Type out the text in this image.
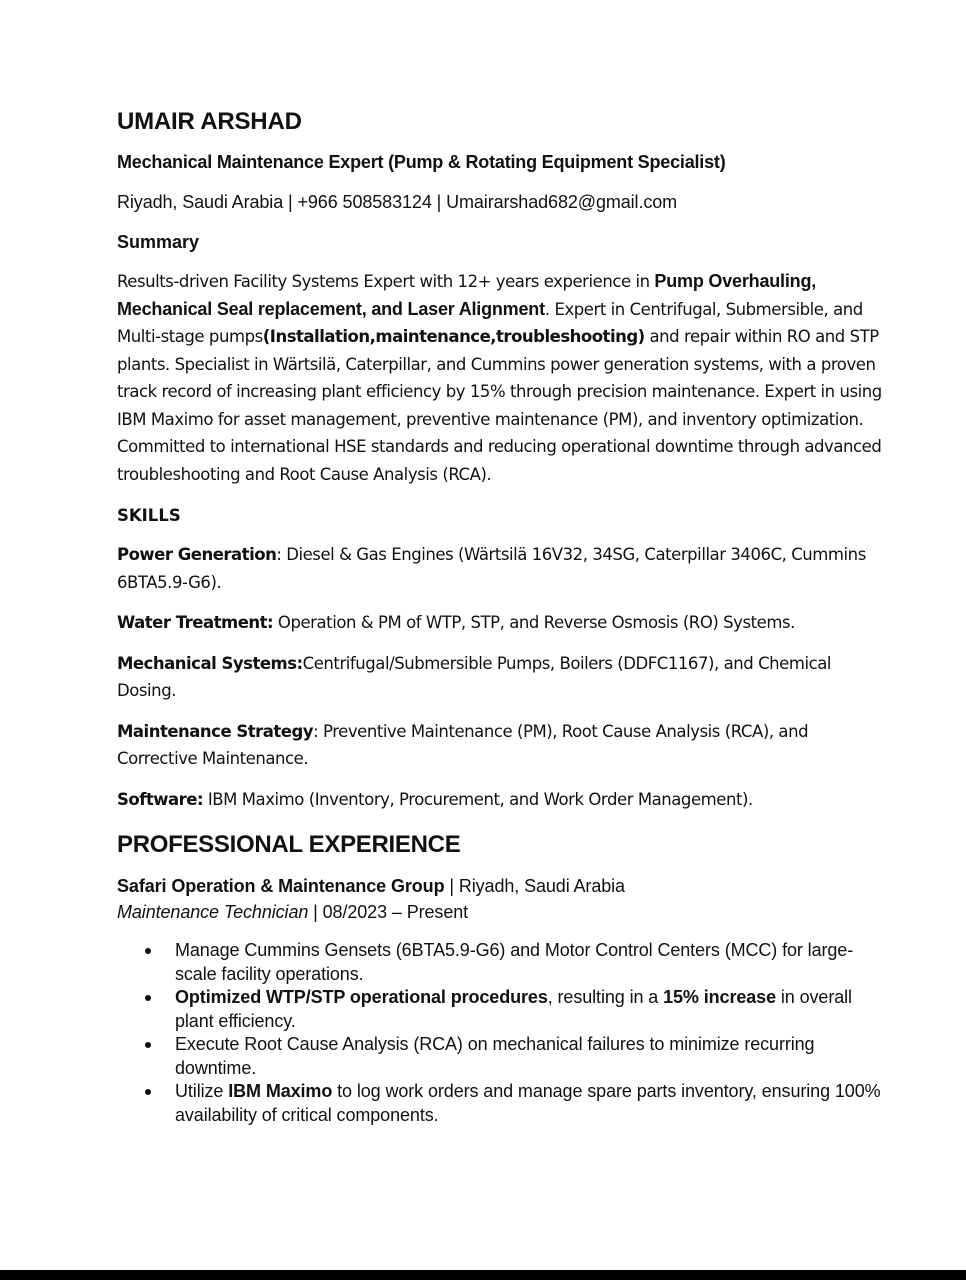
UMAIR ARSHAD
Mechanical Maintenance Expert (Pump & Rotating Equipment Specialist)
Riyadh, Saudi Arabia | +966 508583124 | Umairarshad682@gmail.com
Summary

Results-driven Facility Systems Expert with 12+ years experience in Pump Overhauling, Mechanical Seal replacement, and Laser Alignment. Expert in Centrifugal, Submersible, and Multi-stage pumps(Installation,maintenance,troubleshooting) and repair within RO and STP plants. Specialist in Wärtsilä, Caterpillar, and Cummins power generation systems, with a proven track record of increasing plant efficiency by 15% through precision maintenance. Expert in using IBM Maximo for asset management, preventive maintenance (PM), and inventory optimization. Committed to international HSE standards and reducing operational downtime through advanced troubleshooting and Root Cause Analysis (RCA).

SKILLS

Power Generation: Diesel & Gas Engines (Wärtsilä 16V32, 34SG, Caterpillar 3406C, Cummins 6BTA5.9-G6).

Water Treatment: Operation & PM of WTP, STP, and Reverse Osmosis (RO) Systems.

Mechanical Systems:Centrifugal/Submersible Pumps, Boilers (DDFC1167), and Chemical Dosing.

Maintenance Strategy: Preventive Maintenance (PM), Root Cause Analysis (RCA), and Corrective Maintenance.

Software: IBM Maximo (Inventory, Procurement, and Work Order Management).

PROFESSIONAL EXPERIENCE
Safari Operation & Maintenance Group | Riyadh, Saudi Arabia
Maintenance Technician | 08/2023 – Present
Manage Cummins Gensets (6BTA5.9-G6) and Motor Control Centers (MCC) for large-scale facility operations.
Optimized WTP/STP operational procedures, resulting in a 15% increase in overall plant efficiency.
Execute Root Cause Analysis (RCA) on mechanical failures to minimize recurring downtime.
Utilize IBM Maximo to log work orders and manage spare parts inventory, ensuring 100% availability of critical components.
